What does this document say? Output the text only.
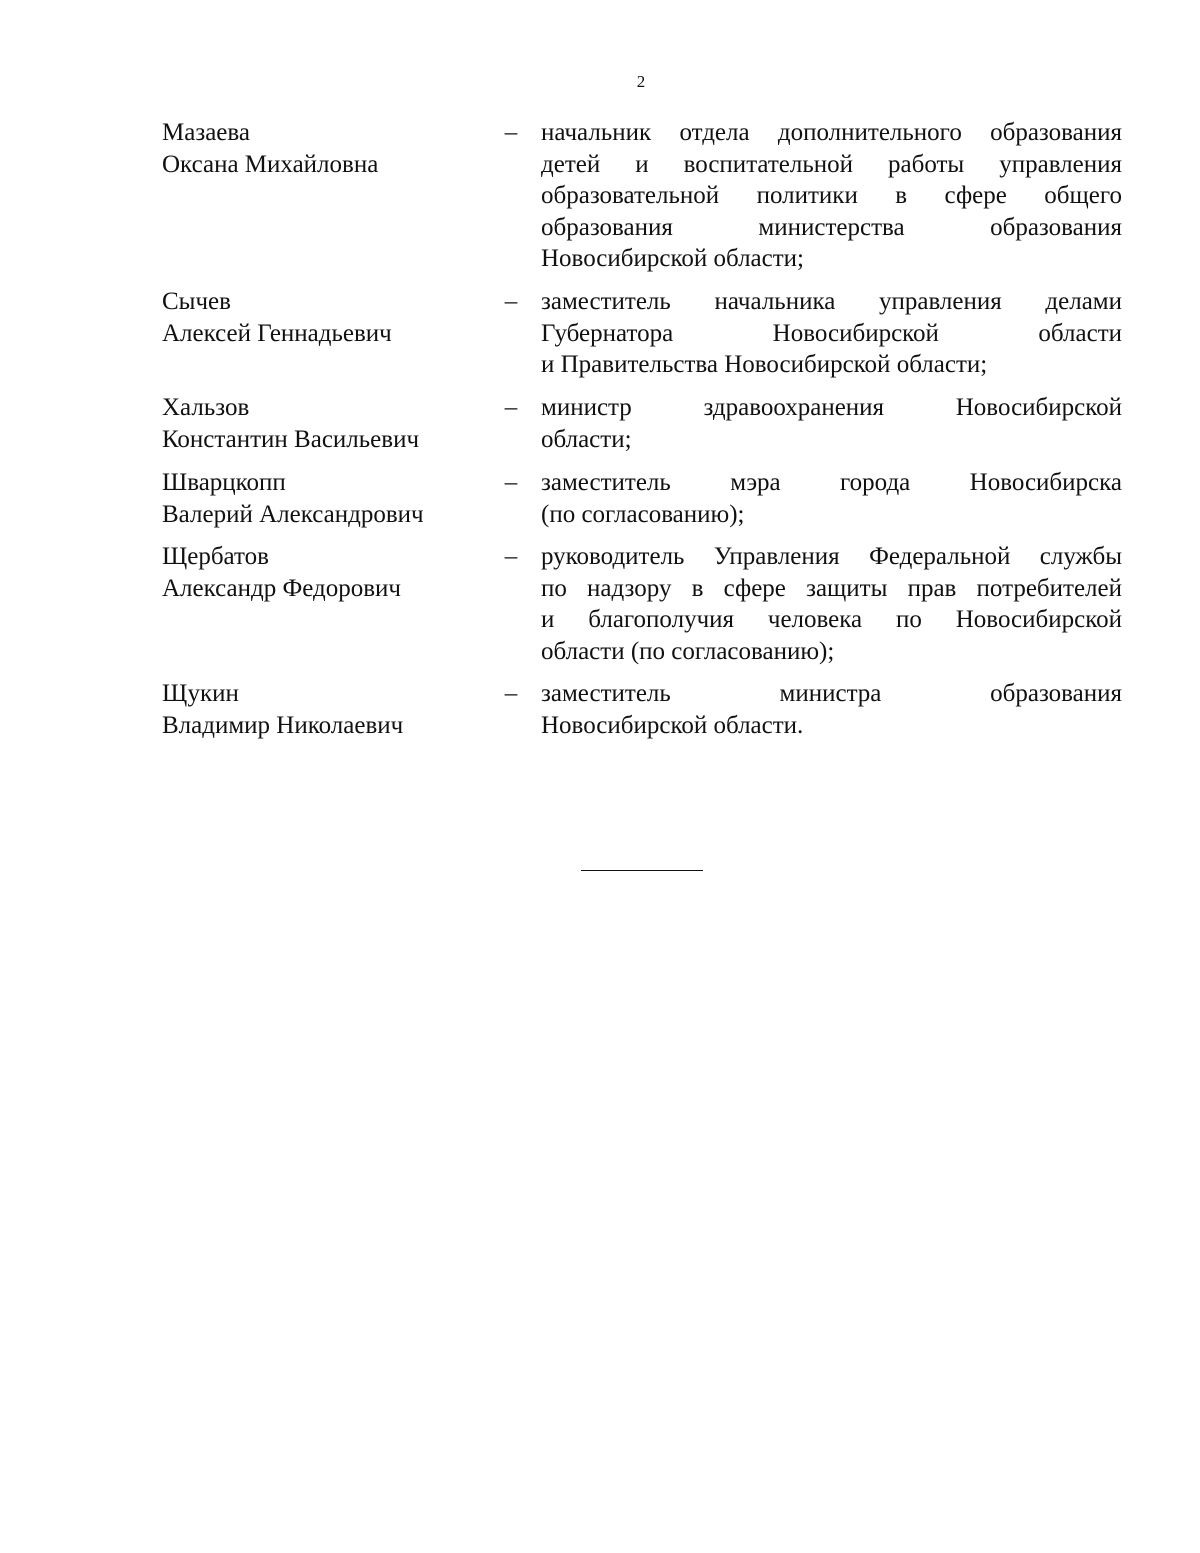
2
Мазаева
Оксана Михайловна
– начальник отдела дополнительного образования
детей и воспитательной работы управления
образовательной политики в сфере общего
образования министерства образования
Новосибирской области;
Сычев
Алексей Геннадьевич
– заместитель начальника управления делами
Губернатора Новосибирской области
и Правительства Новосибирской области;
Хальзов
Константин Васильевич
– министр здравоохранения Новосибирской
области;
Шварцкопп
Валерий Александрович
– заместитель мэра города Новосибирска
(по согласованию);
Щербатов
Александр Федорович
– руководитель Управления Федеральной службы
по надзору в сфере защиты прав потребителей
и благополучия человека по Новосибирской
области (по согласованию);
Щукин
Владимир Николаевич
– заместитель министра образования
Новосибирской области.
